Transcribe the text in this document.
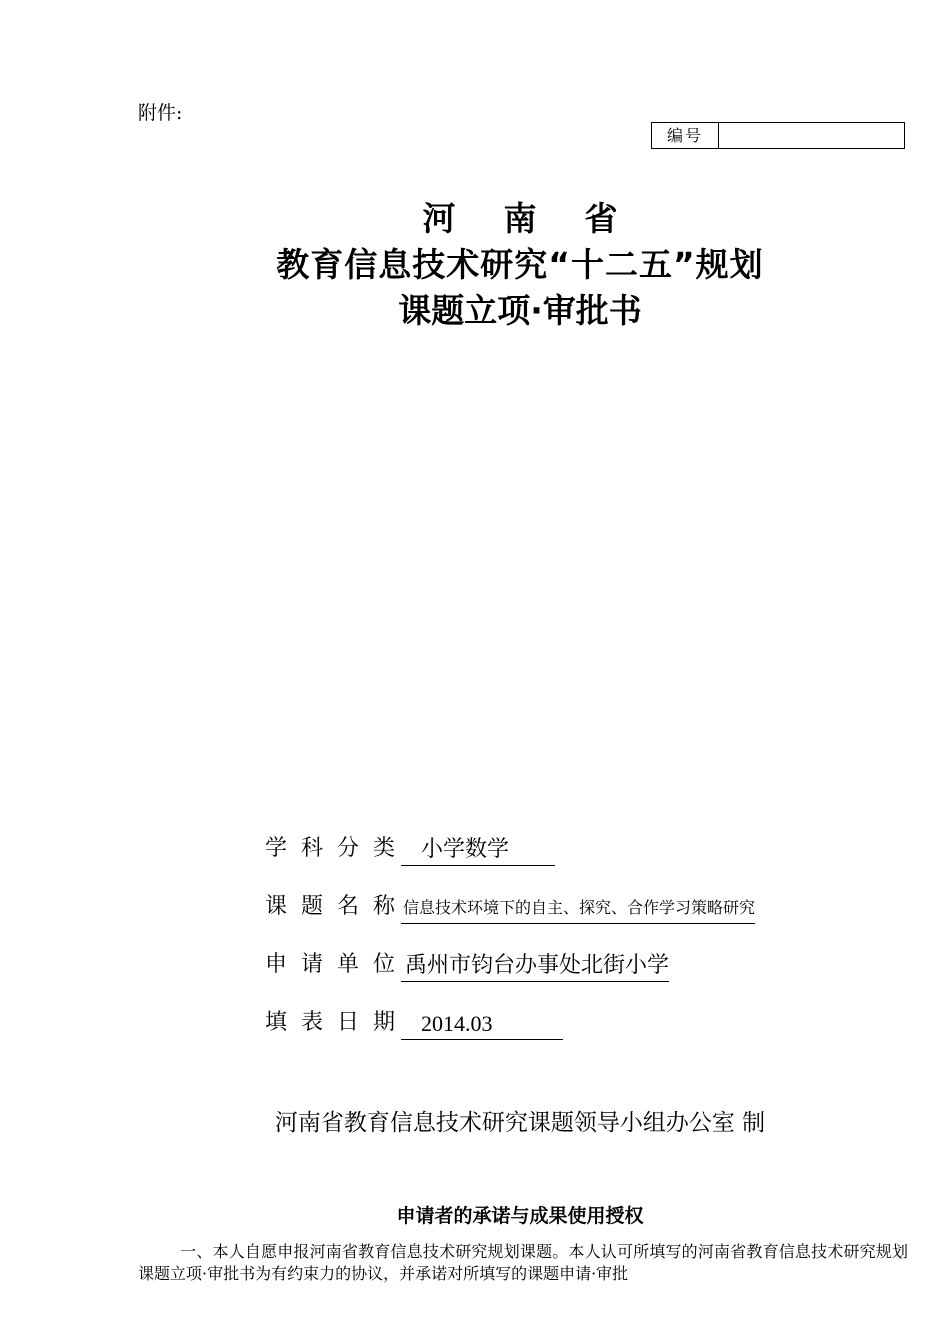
附件:
编号
河南省
教育信息技术研究“十二五”规划
课题立项·审批书
学科分类 小学数学
课题名称
信息技术环境下的自主、探究、合作学习策略研究
申请单位
禹州市钧台办事处北街小学
填表日期 2014.03
河南省教育信息技术研究课题领导小组办公室 制
申请者的承诺与成果使用授权
一、本人自愿申报河南省教育信息技术研究规划课题。本人认可所填写的河南省教育信息技术研究规划课题立项·审批书为有约束力的协议，并承诺对所填写的课题申请·审批
